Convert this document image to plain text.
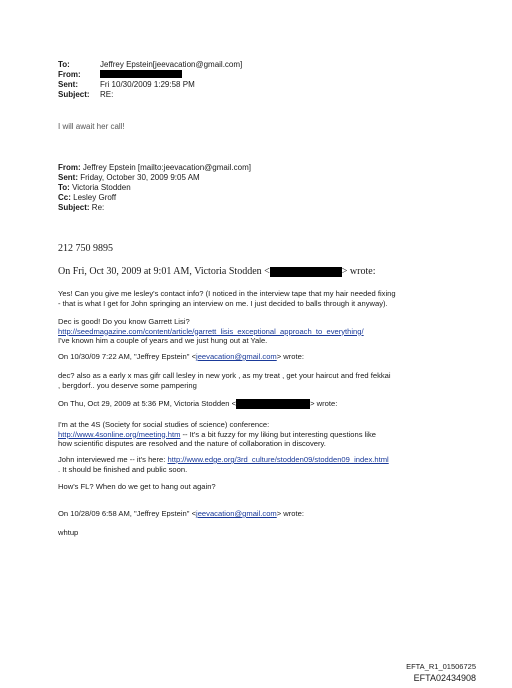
To:	Jeffrey Epstein[jeevacation@gmail.com]
From:
Sent:	Fri 10/30/2009 1:29:58 PM
Subject:	RE:
I will await her call!
From: Jeffrey Epstein [mailto:jeevacation@gmail.com]
Sent: Friday, October 30, 2009 9:05 AM
To: Victoria Stodden
Cc: Lesley Groff
Subject: Re:
212 750 9895
On Fri, Oct 30, 2009 at 9:01 AM, Victoria Stodden <	> wrote:
Yes! Can you give me lesley's contact info? (I noticed in the interview tape that my hair needed fixing
- that is what I get for John springing an interview on me. I just decided to balls through it anyway).
Dec is good! Do you know Garrett Lisi?
http://seedmagazine.com/content/article/garrett_lisis_exceptional_approach_to_everything/
I've known him a couple of years and we just hung out at Yale.
On 10/30/09 7:22 AM, "Jeffrey Epstein" <jeevacation@gmail.com> wrote:
dec? also as a early x mas gifr call lesley in new york , as my treat , get your haircut and fred fekkai
, bergdorf.. you deserve some pampering
On Thu, Oct 29, 2009 at 5:36 PM, Victoria Stodden <	> wrote:
I'm at the 4S (Society for social studies of science) conference:
http://www.4sonline.org/meeting.htm -- It's a bit fuzzy for my liking but interesting questions like
how scientific disputes are resolved and the nature of collaboration in discovery.
John interviewed me -- it's here: http://www.edge.org/3rd_culture/stodden09/stodden09_index.html
. It should be finished and public soon.
How's FL? When do we get to hang out again?
On 10/28/09 6:58 AM, "Jeffrey Epstein" <jeevacation@gmail.com> wrote:
whtup
EFTA_R1_01506725
EFTA02434908
